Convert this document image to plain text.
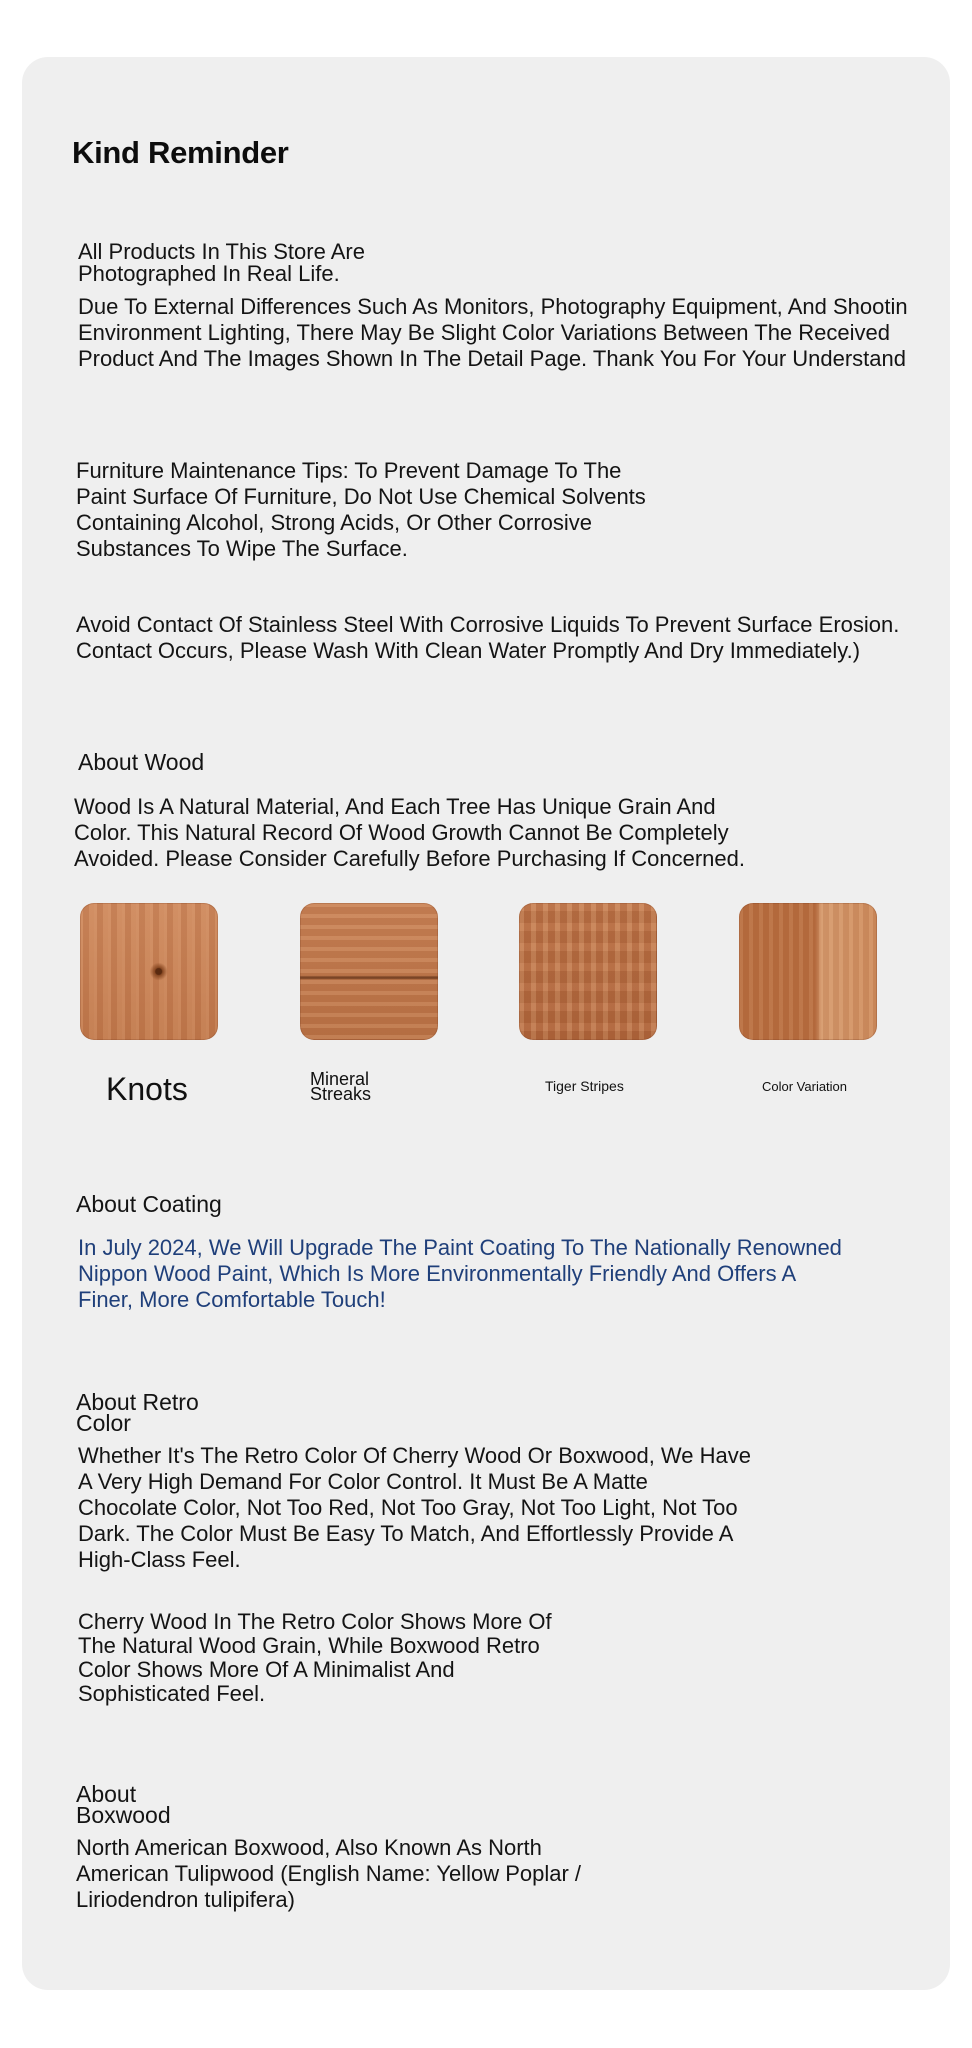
Kind Reminder
All Products In This Store Are
Photographed In Real Life.
Due To External Differences Such As Monitors, Photography Equipment, And Shootin
Environment Lighting, There May Be Slight Color Variations Between The Received
Product And The Images Shown In The Detail Page. Thank You For Your Understand
Furniture Maintenance Tips: To Prevent Damage To The
Paint Surface Of Furniture, Do Not Use Chemical Solvents
Containing Alcohol, Strong Acids, Or Other Corrosive
Substances To Wipe The Surface.
Avoid Contact Of Stainless Steel With Corrosive Liquids To Prevent Surface Erosion.
Contact Occurs, Please Wash With Clean Water Promptly And Dry Immediately.)
About Wood
Wood Is A Natural Material, And Each Tree Has Unique Grain And
Color. This Natural Record Of Wood Growth Cannot Be Completely
Avoided. Please Consider Carefully Before Purchasing If Concerned.
Knots	Mineral
Streaks	Tiger Stripes	Color Variation
About Coating
In July 2024, We Will Upgrade The Paint Coating To The Nationally Renowned
Nippon Wood Paint, Which Is More Environmentally Friendly And Offers A
Finer, More Comfortable Touch!
About Retro
Color
Whether It's The Retro Color Of Cherry Wood Or Boxwood, We Have
A Very High Demand For Color Control. It Must Be A Matte
Chocolate Color, Not Too Red, Not Too Gray, Not Too Light, Not Too
Dark. The Color Must Be Easy To Match, And Effortlessly Provide A
High-Class Feel.
Cherry Wood In The Retro Color Shows More Of
The Natural Wood Grain, While Boxwood Retro
Color Shows More Of A Minimalist And
Sophisticated Feel.
About
Boxwood
North American Boxwood, Also Known As North
American Tulipwood (English Name: Yellow Poplar /
Liriodendron tulipifera)
